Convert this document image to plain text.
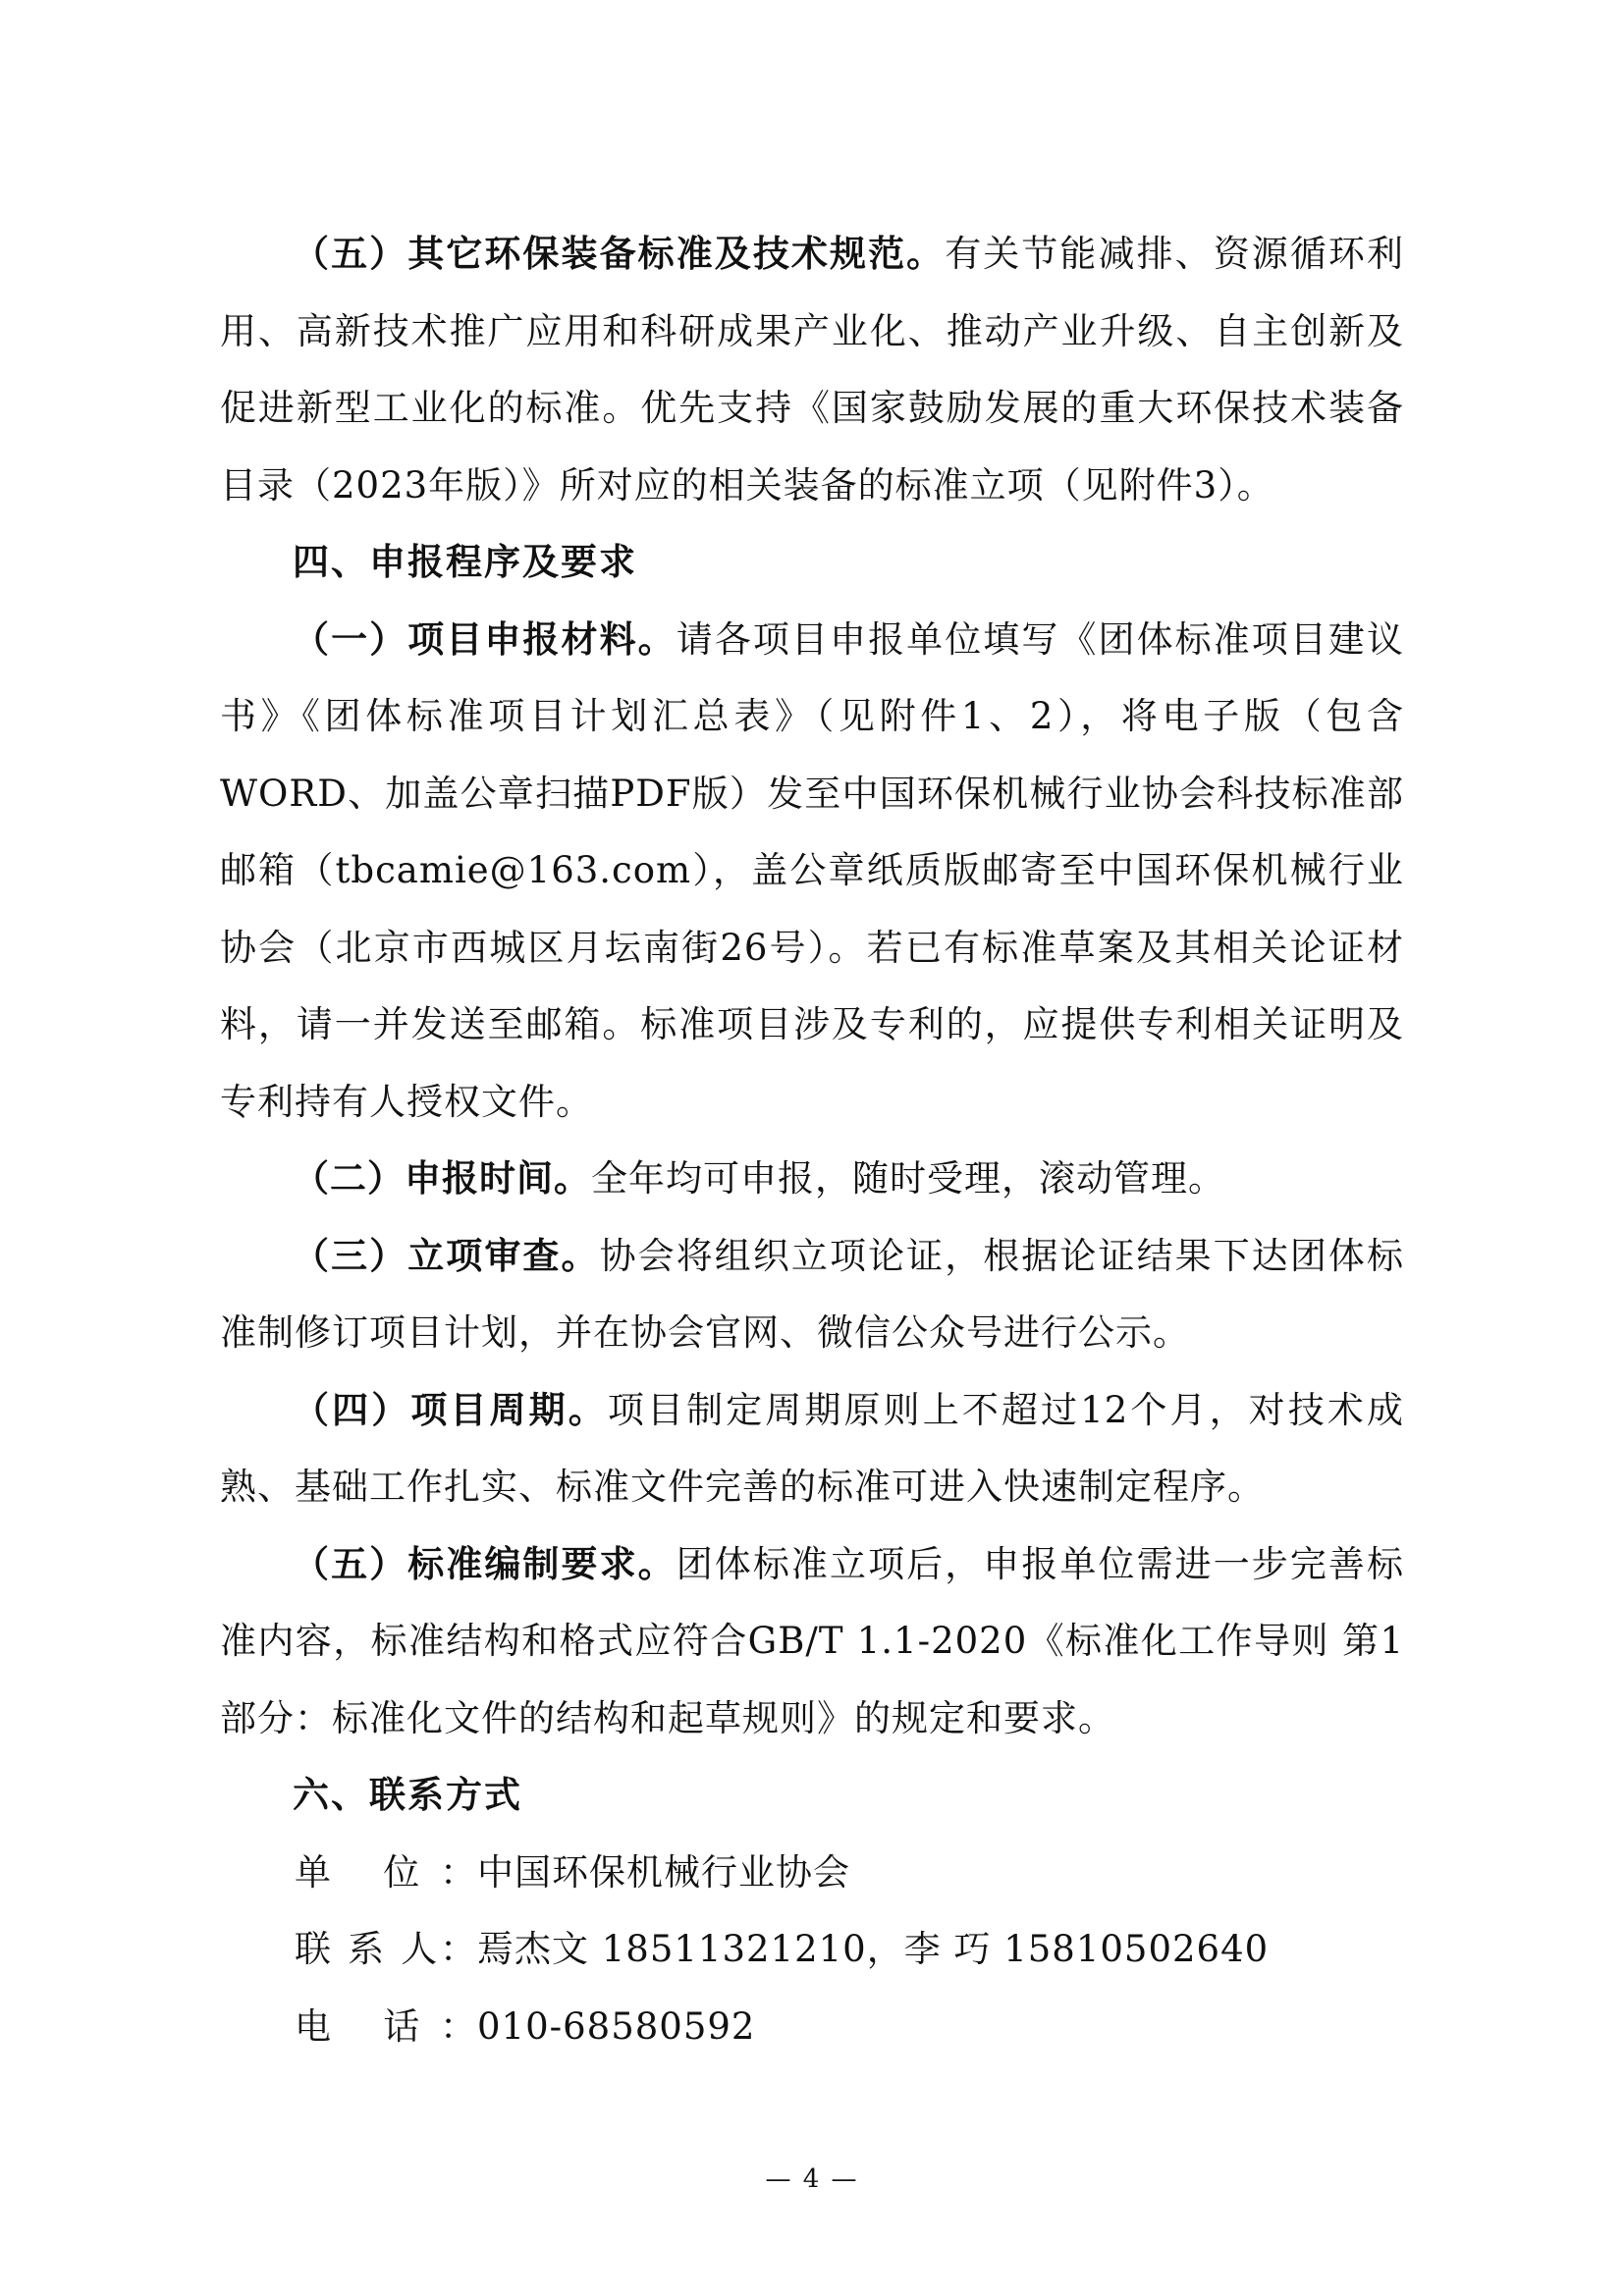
（五）其它环保装备标准及技术规范。有关节能减排、资源循环利用、高新技术推广应用和科研成果产业化、推动产业升级、自主创新及促进新型工业化的标准。优先支持《国家鼓励发展的重大环保技术装备目录（2023年版）》所对应的相关装备的标准立项（见附件3）。

四、申报程序及要求

（一）项目申报材料。请各项目申报单位填写《团体标准项目建议书》《团体标准项目计划汇总表》（见附件1、2），将电子版（包含WORD、加盖公章扫描PDF版）发至中国环保机械行业协会科技标准部邮箱（tbcamie@163.com），盖公章纸质版邮寄至中国环保机械行业协会（北京市西城区月坛南街26号）。若已有标准草案及其相关论证材料，请一并发送至邮箱。标准项目涉及专利的，应提供专利相关证明及专利持有人授权文件。

（二）申报时间。全年均可申报，随时受理，滚动管理。

（三）立项审查。协会将组织立项论证，根据论证结果下达团体标准制修订项目计划，并在协会官网、微信公众号进行公示。

（四）项目周期。项目制定周期原则上不超过12个月，对技术成熟、基础工作扎实、标准文件完善的标准可进入快速制定程序。

（五）标准编制要求。团体标准立项后，申报单位需进一步完善标准内容，标准结构和格式应符合GB/T 1.1-2020《标准化工作导则 第1部分：标准化文件的结构和起草规则》的规定和要求。

六、联系方式

单 位：中国环保机械行业协会

联 系 人：焉杰文 18511321210，李 巧 15810502640

电 话：010-68580592

— 4 —
